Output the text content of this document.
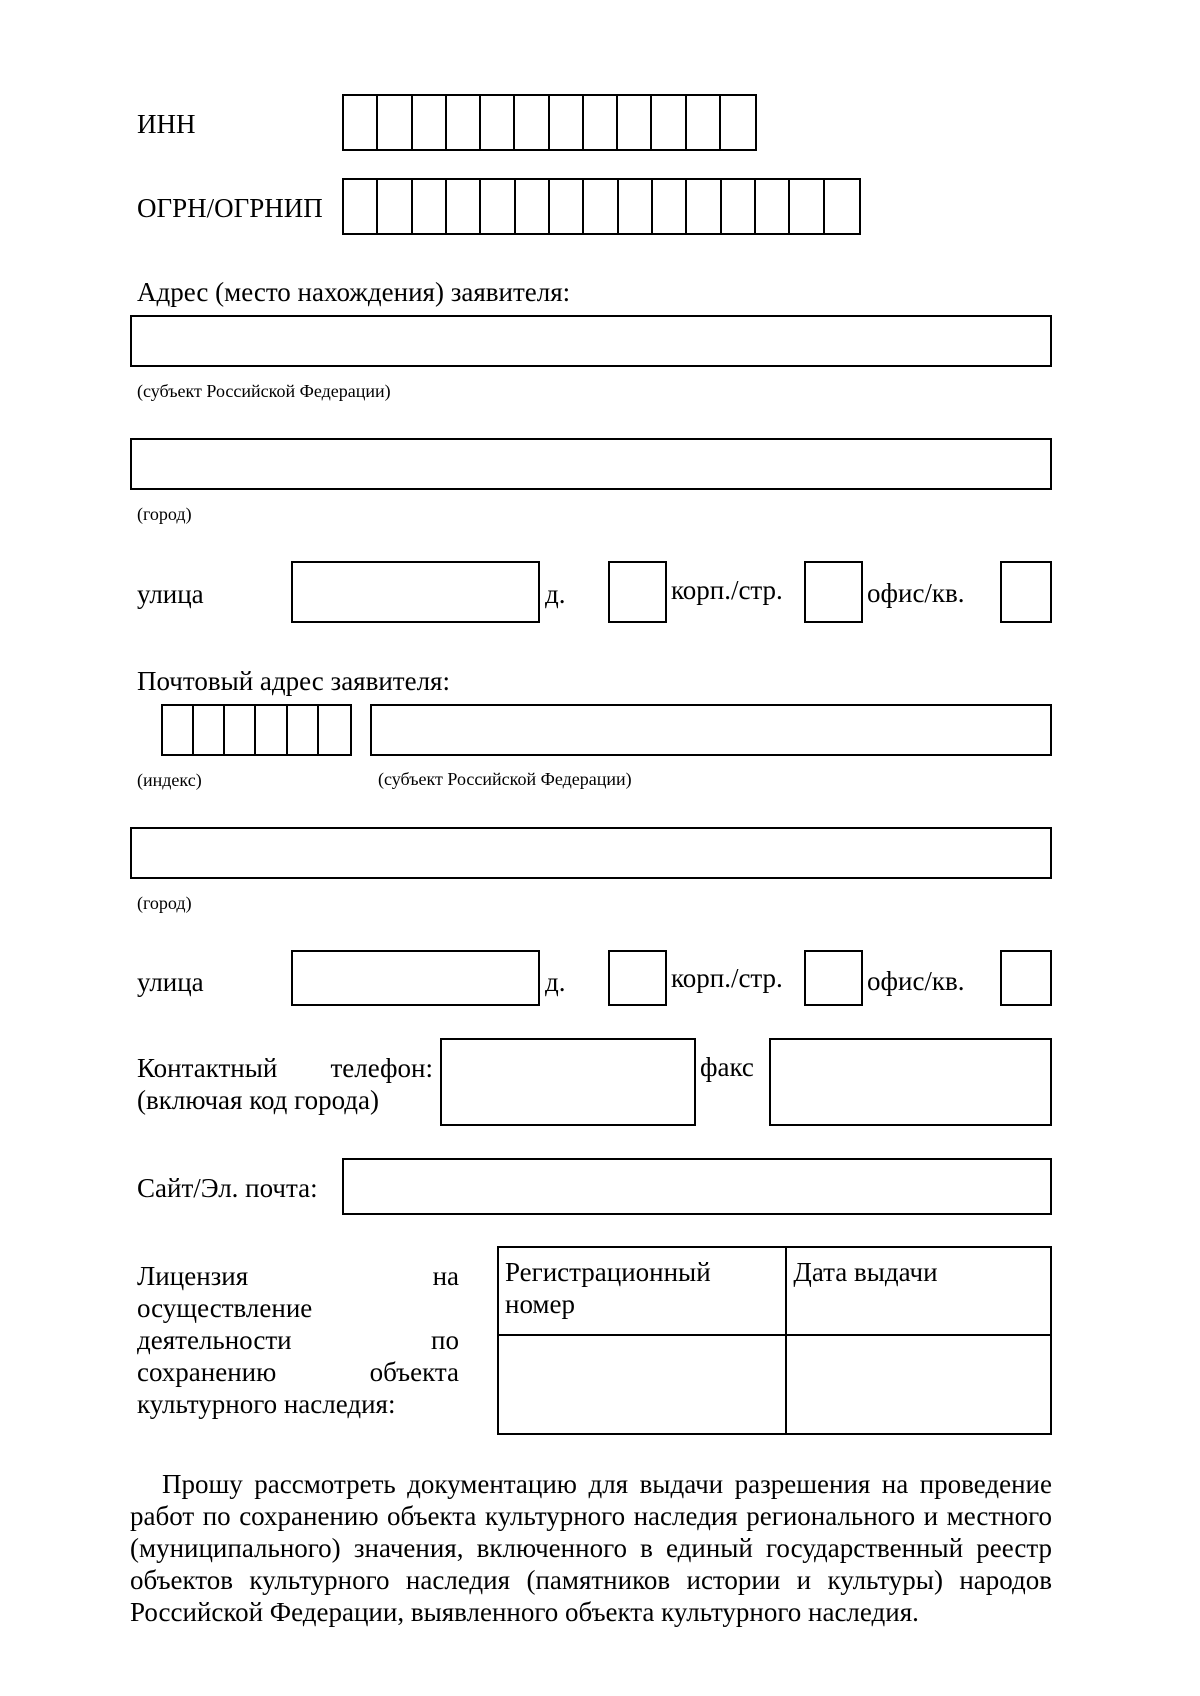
ИНН
ОГРН/ОГРНИП
Адрес (место нахождения) заявителя:
(субъект Российской Федерации)
(город)
улица	д.	корп./стр.	офис/кв.
Почтовый адрес заявителя:
(индекс)	(субъект Российской Федерации)
(город)
улица	д.	корп./стр.	офис/кв.
Контактный телефон:
(включая код города)
факс
Сайт/Эл. почта:
Лицензия	на
осуществление
деятельности	по
сохранению	объекта
культурного наследия:
Регистрационный номер	Дата выдачи

Прошу рассмотреть документацию для выдачи разрешения на проведение
работ по сохранению объекта культурного наследия регионального и местного
(муниципального) значения, включенного в единый государственный реестр
объектов культурного наследия (памятников истории и культуры) народов
Российской Федерации, выявленного объекта культурного наследия.
